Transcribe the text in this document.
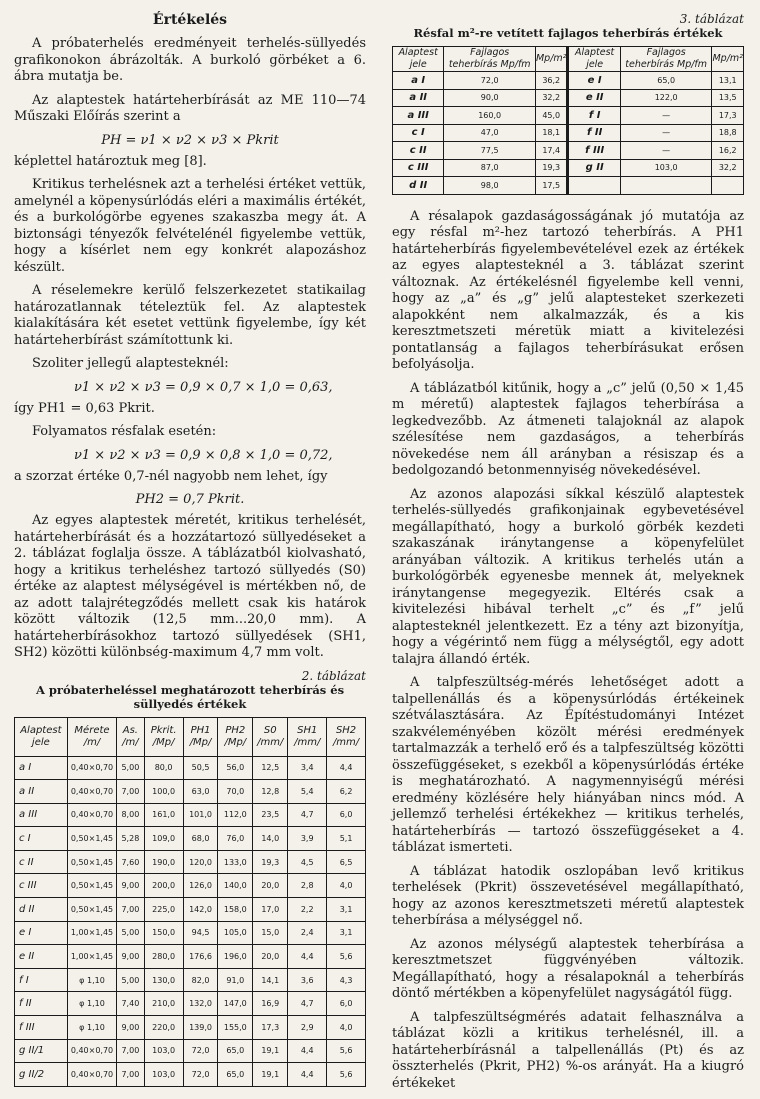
Értékelés

A próbaterhelés eredményeit terhelés-süllyedés grafikonokon ábrázolták. A burkoló görbéket a 6. ábra mutatja be.

Az alaptestek határteherbírását az ME 110—74 Műszaki Előírás szerint a

PH = ν1 × ν2 × ν3 × Pkrit

képlettel határoztuk meg [8].

Kritikus terhelésnek azt a terhelési értéket vettük, amelynél a köpenysúrlódás eléri a maximális értékét, és a burkológörbe egyenes szakaszba megy át. A biztonsági tényezők felvételénél figyelembe vettük, hogy a kísérlet nem egy konkrét alapozáshoz készült.

A réselemekre kerülő felszerkezetet statikailag határozatlannak tételeztük fel. Az alaptestek kialakítására két esetet vettünk figyelembe, így két határteherbírást számítottunk ki.

Szoliter jellegű alaptesteknél:

ν1 × ν2 × ν3 = 0,9 × 0,7 × 1,0 = 0,63,

így PH1 = 0,63 Pkrit.

Folyamatos résfalak esetén:

ν1 × ν2 × ν3 = 0,9 × 0,8 × 1,0 = 0,72,

a szorzat értéke 0,7-nél nagyobb nem lehet, így

PH2 = 0,7 Pkrit.

Az egyes alaptestek méretét, kritikus terhelését, határteherbírását és a hozzátartozó süllyedéseket a 2. táblázat foglalja össze. A táblázatból kiolvasható, hogy a kritikus terheléshez tartozó süllyedés (S0) értéke az alaptest mélységével is mértékben nő, de az adott talajrétegződés mellett csak kis határok között változik (12,5 mm...20,0 mm). A határteherbírásokhoz tartozó süllyedések (SH1, SH2) közötti különbség-maximum 4,7 mm volt.

2. táblázat
A próbaterheléssel meghatározott teherbírás és süllyedés értékek
Alaptest jele	Mérete /m/	As. /m/	Pkrit. /Mp/	PH1 /Mp/	PH2 /Mp/	S0 /mm/	SH1 /mm/	SH2 /mm/
a I	0,40×0,70	5,00	80,0	50,5	56,0	12,5	3,4	4,4
a II	0,40×0,70	7,00	100,0	63,0	70,0	12,8	5,4	6,2
a III	0,40×0,70	8,00	161,0	101,0	112,0	23,5	4,7	6,0
c I	0,50×1,45	5,28	109,0	68,0	76,0	14,0	3,9	5,1
c II	0,50×1,45	7,60	190,0	120,0	133,0	19,3	4,5	6,5
c III	0,50×1,45	9,00	200,0	126,0	140,0	20,0	2,8	4,0
d II	0,50×1,45	7,00	225,0	142,0	158,0	17,0	2,2	3,1
e I	1,00×1,45	5,00	150,0	94,5	105,0	15,0	2,4	3,1
e II	1,00×1,45	9,00	280,0	176,6	196,0	20,0	4,4	5,6
f I	φ 1,10	5,00	130,0	82,0	91,0	14,1	3,6	4,3
f II	φ 1,10	7,40	210,0	132,0	147,0	16,9	4,7	6,0
f III	φ 1,10	9,00	220,0	139,0	155,0	17,3	2,9	4,0
g II/1	0,40×0,70	7,00	103,0	72,0	65,0	19,1	4,4	5,6
g II/2	0,40×0,70	7,00	103,0	72,0	65,0	19,1	4,4	5,6
3. táblázat
Résfal m²-re vetített fajlagos teherbírás értékek
Alaptest jele	Fajlagos teherbírás Mp/fm	Mp/m²	Alaptest jele	Fajlagos teherbírás Mp/fm	Mp/m²
a I	72,0	36,2	e I	65,0	13,1
a II	90,0	32,2	e II	122,0	13,5
a III	160,0	45,0	f I	—	17,3
c I	47,0	18,1	f II	—	18,8
c II	77,5	17,4	f III	—	16,2
c III	87,0	19,3	g II	103,0	32,2
d II	98,0	17,5			

A résalapok gazdaságosságának jó mutatója az egy résfal m²-hez tartozó teherbírás. A PH1 határteherbírás figyelembevételével ezek az értékek az egyes alaptesteknél a 3. táblázat szerint változnak. Az értékelésnél figyelembe kell venni, hogy az „a” és „g” jelű alaptesteket szerkezeti alapokként nem alkalmazzák, és a kis keresztmetszeti méretük miatt a kivitelezési pontatlanság a fajlagos teherbírásukat erősen befolyásolja.

A táblázatból kitűnik, hogy a „c” jelű (0,50 × 1,45 m méretű) alaptestek fajlagos teherbírása a legkedvezőbb. Az átmeneti talajoknál az alapok szélesítése nem gazdaságos, a teherbírás növekedése nem áll arányban a résiszap és a bedolgozandó betonmennyiség növekedésével.

Az azonos alapozási síkkal készülő alaptestek terhelés-süllyedés grafikonjainak egybevetésével megállapítható, hogy a burkoló görbék kezdeti szakaszának iránytangense a köpenyfelület arányában változik. A kritikus terhelés után a burkológörbék egyenesbe mennek át, melyeknek iránytangense megegyezik. Eltérés csak a kivitelezési hibával terhelt „c” és „f” jelű alaptesteknél jelentkezett. Ez a tény azt bizonyítja, hogy a végérintő nem függ a mélységtől, egy adott talajra állandó érték.

A talpfeszültség-mérés lehetőséget adott a talpellenállás és a köpenysúrlódás értékeinek szétválasztására. Az Építéstudományi Intézet szakvéleményében közölt mérési eredmények tartalmazzák a terhelő erő és a talpfeszültség közötti összefüggéseket, s ezekből a köpenysúrlódás értéke is meghatározható. A nagymennyiségű mérési eredmény közlésére hely hiányában nincs mód. A jellemző terhelési értékekhez — kritikus terhelés, határteherbírás — tartozó összefüggéseket a 4. táblázat ismerteti.

A táblázat hatodik oszlopában levő kritikus terhelések (Pkrit) összevetésével megállapítható, hogy az azonos keresztmetszeti méretű alaptestek teherbírása a mélységgel nő.

Az azonos mélységű alaptestek teherbírása a keresztmetszet függvényében változik. Megállapítható, hogy a résalapoknál a teherbírás döntő mértékben a köpenyfelület nagyságától függ.

A talpfeszültségmérés adatait felhasználva a táblázat közli a kritikus terhelésnél, ill. a határteherbírásnál a talpellenállás (Pt) és az összterhelés (Pkrit, PH2) %-os arányát. Ha a kiugró értékeket
